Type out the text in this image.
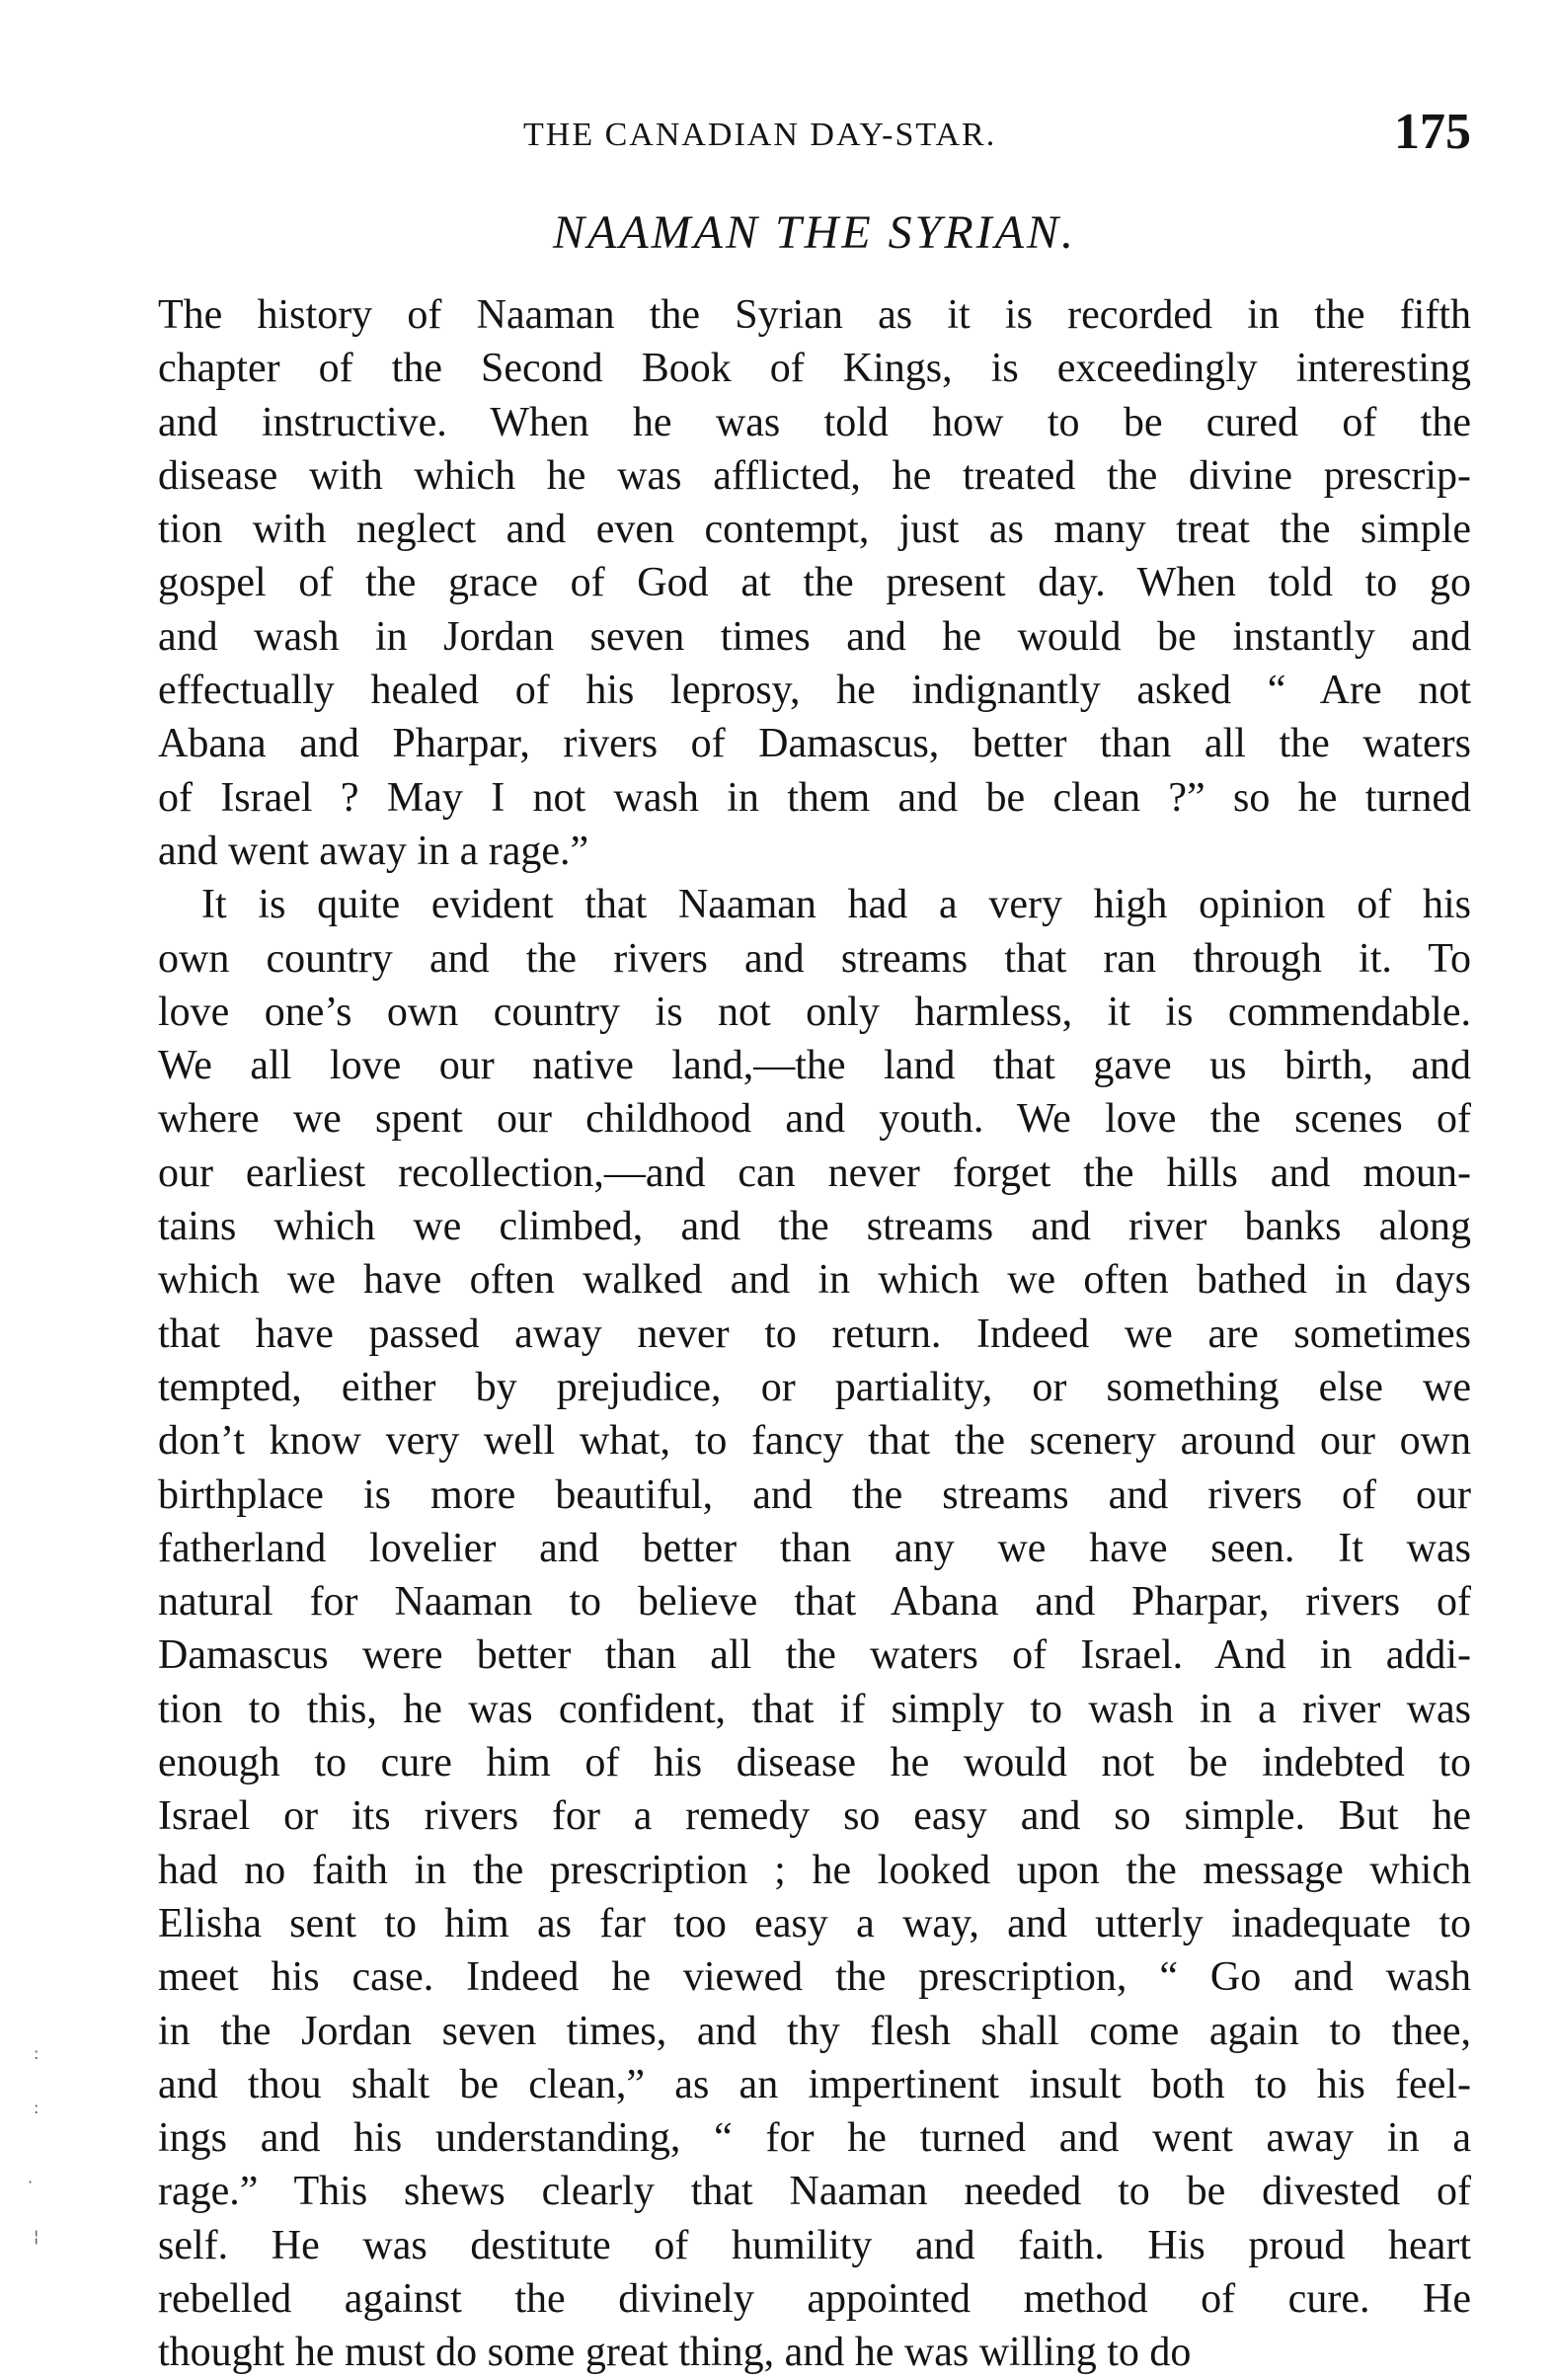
THE CANADIAN DAY-STAR.	175
NAAMAN THE SYRIAN.
The history of Naaman the Syrian as it is recorded in the fifth
chapter of the Second Book of Kings, is exceedingly interesting
and instructive. When he was told how to be cured of the
disease with which he was afflicted, he treated the divine prescrip-
tion with neglect and even contempt, just as many treat the simple
gospel of the grace of God at the present day. When told to go
and wash in Jordan seven times and he would be instantly and
effectually healed of his leprosy, he indignantly asked “ Are not
Abana and Pharpar, rivers of Damascus, better than all the waters
of Israel ? May I not wash in them and be clean ?” so he turned
and went away in a rage.”
It is quite evident that Naaman had a very high opinion of his
own country and the rivers and streams that ran through it. To
love one’s own country is not only harmless, it is commendable.
We all love our native land,—the land that gave us birth, and
where we spent our childhood and youth. We love the scenes of
our earliest recollection,—and can never forget the hills and moun-
tains which we climbed, and the streams and river banks along
which we have often walked and in which we often bathed in days
that have passed away never to return. Indeed we are sometimes
tempted, either by prejudice, or partiality, or something else we
don’t know very well what, to fancy that the scenery around our own
birthplace is more beautiful, and the streams and rivers of our
fatherland lovelier and better than any we have seen. It was
natural for Naaman to believe that Abana and Pharpar, rivers of
Damascus were better than all the waters of Israel. And in addi-
tion to this, he was confident, that if simply to wash in a river was
enough to cure him of his disease he would not be indebted to
Israel or its rivers for a remedy so easy and so simple. But he
had no faith in the prescription ; he looked upon the message which
Elisha sent to him as far too easy a way, and utterly inadequate to
meet his case. Indeed he viewed the prescription, “ Go and wash
in the Jordan seven times, and thy flesh shall come again to thee,
and thou shalt be clean,” as an impertinent insult both to his feel-
ings and his understanding, “ for he turned and went away in a
rage.” This shews clearly that Naaman needed to be divested of
self. He was destitute of humility and faith. His proud heart
rebelled against the divinely appointed method of cure. He
thought he must do some great thing, and he was willing to do
:
:
·
¦
